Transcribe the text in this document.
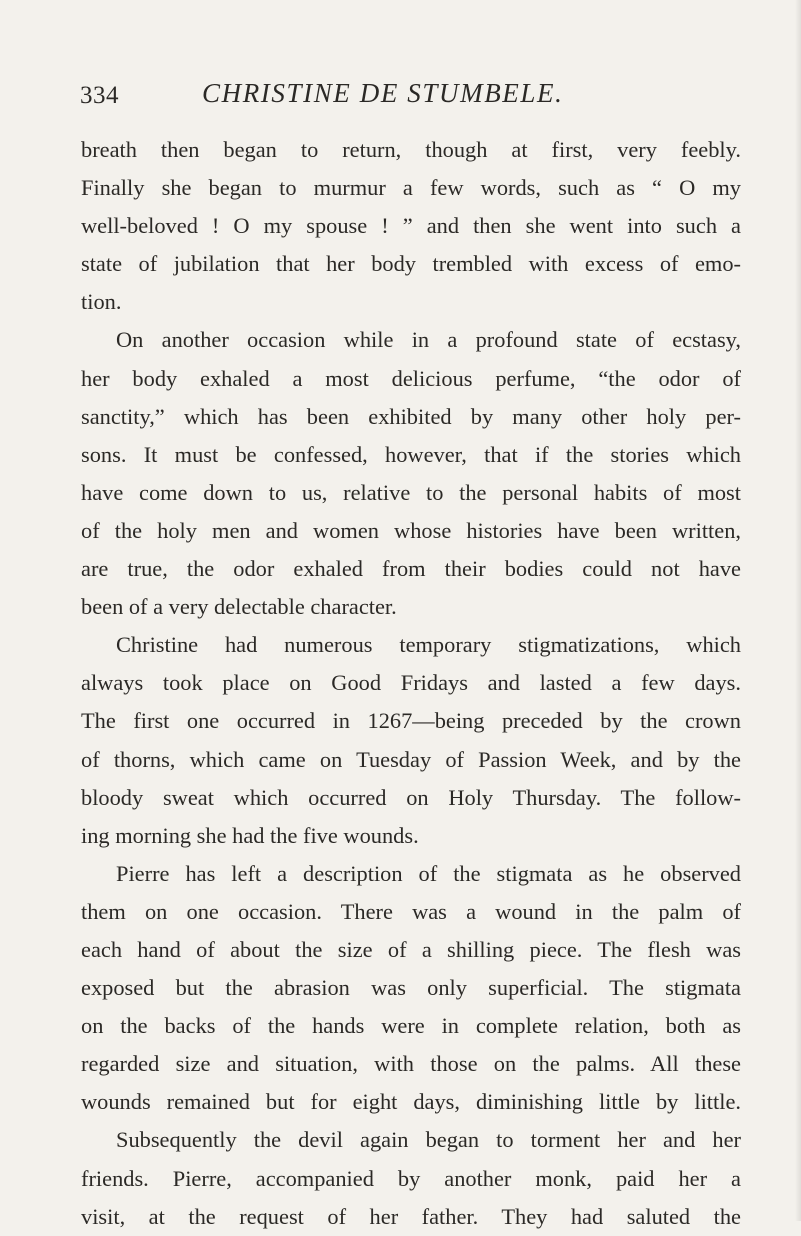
334	CHRISTINE DE STUMBELE.
breath then began to return, though at first, very feebly.
Finally she began to murmur a few words, such as “ O my
well-beloved ! O my spouse ! ” and then she went into such a
state of jubilation that her body trembled with excess of emo-
tion.
On another occasion while in a profound state of ecstasy,
her body exhaled a most delicious perfume, “the odor of
sanctity,” which has been exhibited by many other holy per-
sons. It must be confessed, however, that if the stories which
have come down to us, relative to the personal habits of most
of the holy men and women whose histories have been written,
are true, the odor exhaled from their bodies could not have
been of a very delectable character.
Christine had numerous temporary stigmatizations, which
always took place on Good Fridays and lasted a few days.
The first one occurred in 1267—being preceded by the crown
of thorns, which came on Tuesday of Passion Week, and by the
bloody sweat which occurred on Holy Thursday. The follow-
ing morning she had the five wounds.
Pierre has left a description of the stigmata as he observed
them on one occasion. There was a wound in the palm of
each hand of about the size of a shilling piece. The flesh was
exposed but the abrasion was only superficial. The stigmata
on the backs of the hands were in complete relation, both as
regarded size and situation, with those on the palms. All these
wounds remained but for eight days, diminishing little by little.
Subsequently the devil again began to torment her and her
friends. Pierre, accompanied by another monk, paid her a
visit, at the request of her father. They had saluted the
